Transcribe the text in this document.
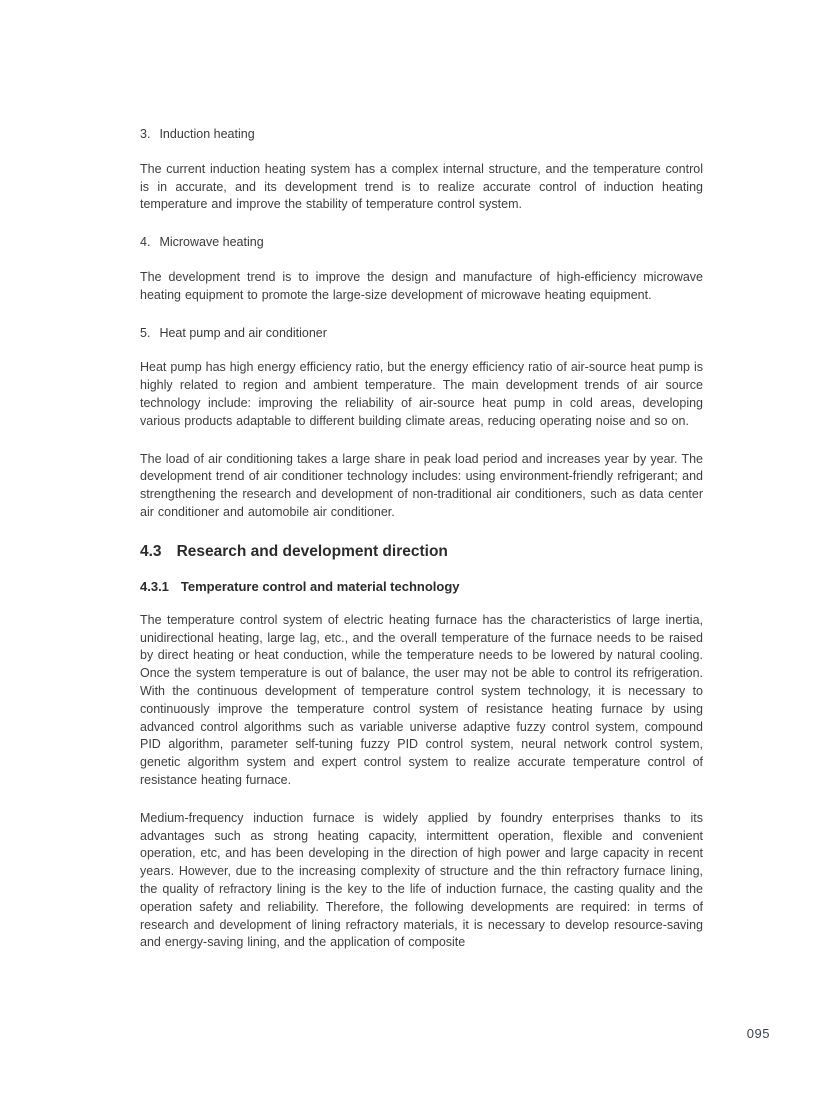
3. Induction heating

The current induction heating system has a complex internal structure, and the temperature control is in accurate, and its development trend is to realize accurate control of induction heating temperature and improve the stability of temperature control system.

4. Microwave heating

The development trend is to improve the design and manufacture of high-efficiency microwave heating equipment to promote the large-size development of microwave heating equipment.

5. Heat pump and air conditioner

Heat pump has high energy efficiency ratio, but the energy efficiency ratio of air-source heat pump is highly related to region and ambient temperature. The main development trends of air source technology include: improving the reliability of air-source heat pump in cold areas, developing various products adaptable to different building climate areas, reducing operating noise and so on.

The load of air conditioning takes a large share in peak load period and increases year by year. The development trend of air conditioner technology includes: using environment-friendly refrigerant; and strengthening the research and development of non-traditional air conditioners, such as data center air conditioner and automobile air conditioner.

4.3 Research and development direction
4.3.1 Temperature control and material technology

The temperature control system of electric heating furnace has the characteristics of large inertia, unidirectional heating, large lag, etc., and the overall temperature of the furnace needs to be raised by direct heating or heat conduction, while the temperature needs to be lowered by natural cooling. Once the system temperature is out of balance, the user may not be able to control its refrigeration. With the continuous development of temperature control system technology, it is necessary to continuously improve the temperature control system of resistance heating furnace by using advanced control algorithms such as variable universe adaptive fuzzy control system, compound PID algorithm, parameter self-tuning fuzzy PID control system, neural network control system, genetic algorithm system and expert control system to realize accurate temperature control of resistance heating furnace.

Medium-frequency induction furnace is widely applied by foundry enterprises thanks to its advantages such as strong heating capacity, intermittent operation, flexible and convenient operation, etc, and has been developing in the direction of high power and large capacity in recent years. However, due to the increasing complexity of structure and the thin refractory furnace lining, the quality of refractory lining is the key to the life of induction furnace, the casting quality and the operation safety and reliability. Therefore, the following developments are required: in terms of research and development of lining refractory materials, it is necessary to develop resource-saving and energy-saving lining, and the application of composite

095
